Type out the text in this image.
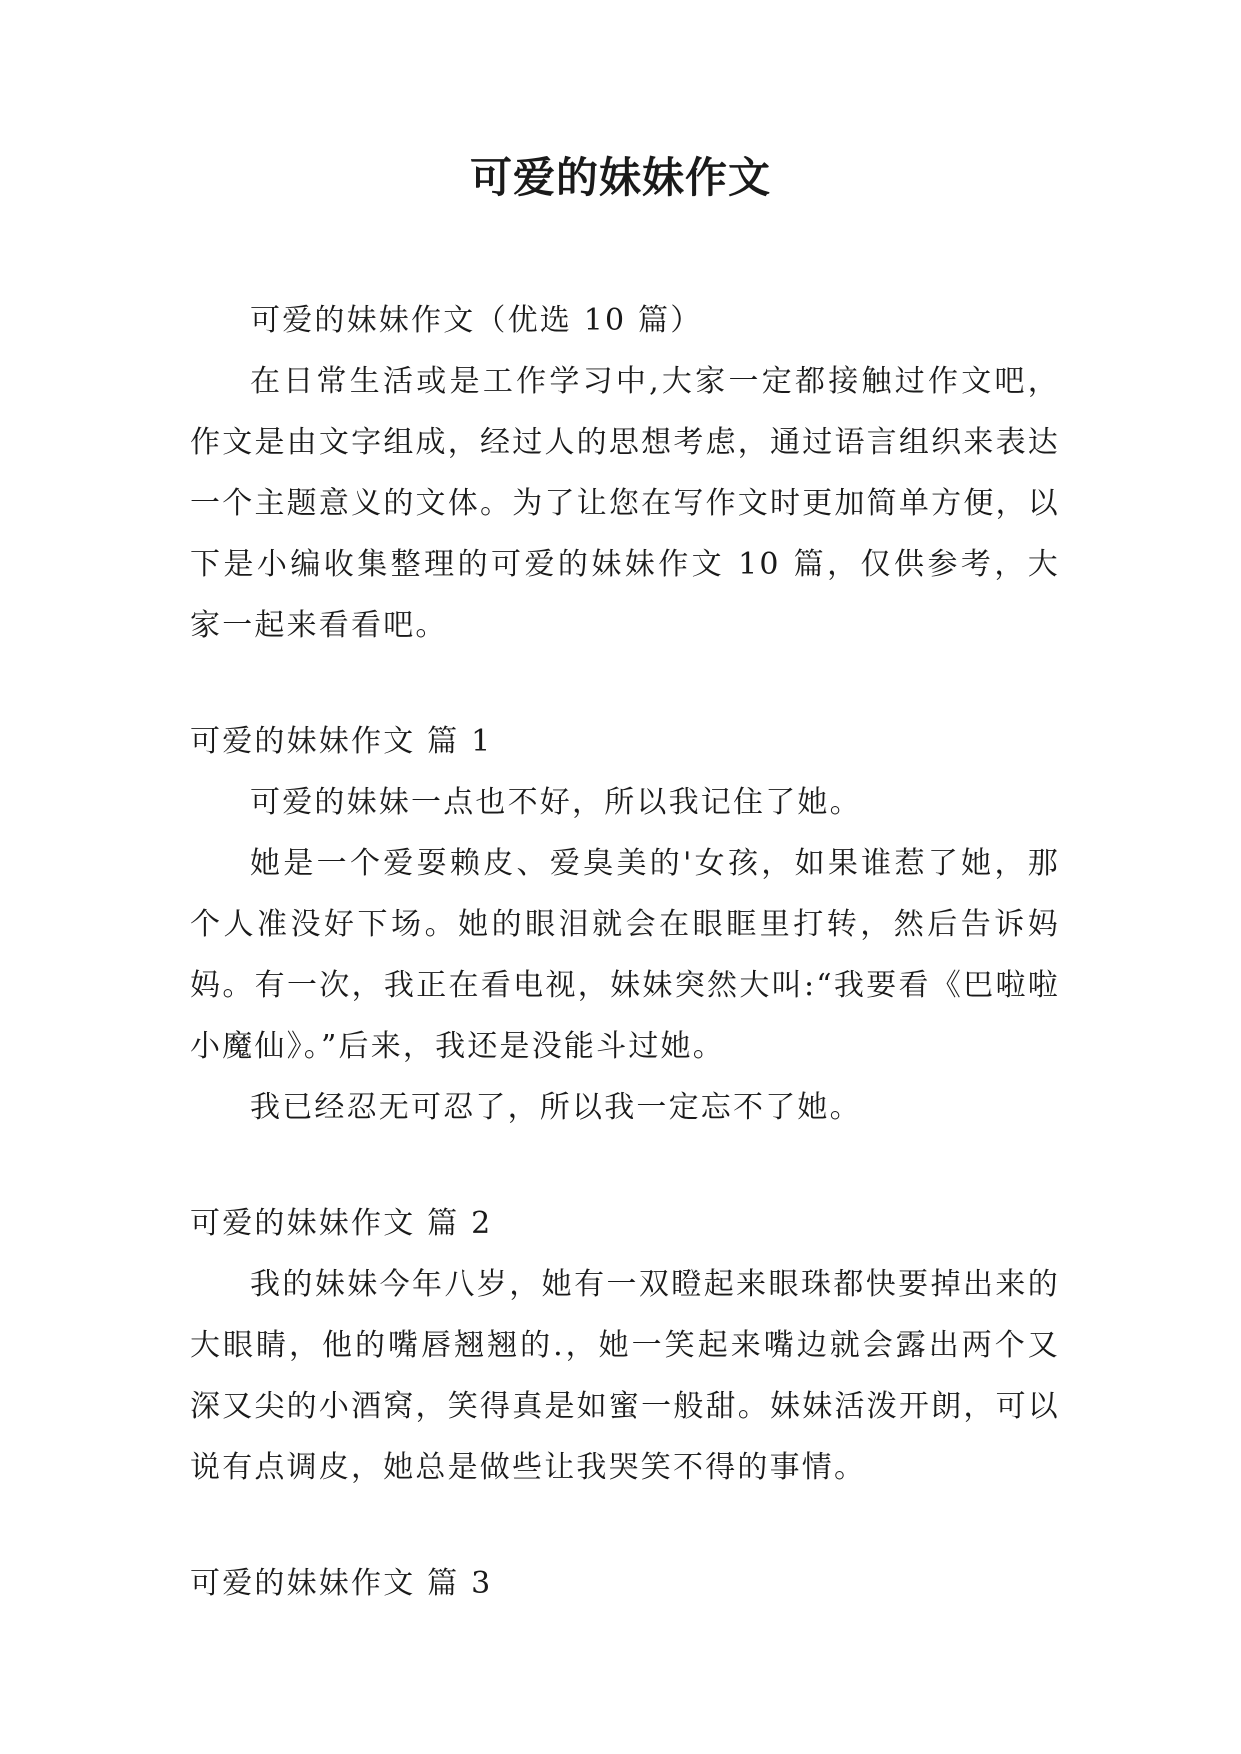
可爱的妹妹作文

可爱的妹妹作文（优选 10 篇）

在日常生活或是工作学习中,大家一定都接触过作文吧，作文是由文字组成，经过人的思想考虑，通过语言组织来表达一个主题意义的文体。为了让您在写作文时更加简单方便，以下是小编收集整理的可爱的妹妹作文 10 篇，仅供参考，大家一起来看看吧。

可爱的妹妹作文 篇 1

可爱的妹妹一点也不好，所以我记住了她。

她是一个爱耍赖皮、爱臭美的'女孩，如果谁惹了她，那个人准没好下场。她的眼泪就会在眼眶里打转，然后告诉妈妈。有一次，我正在看电视，妹妹突然大叫:“我要看《巴啦啦小魔仙》。”后来，我还是没能斗过她。

我已经忍无可忍了，所以我一定忘不了她。

可爱的妹妹作文 篇 2

我的妹妹今年八岁，她有一双瞪起来眼珠都快要掉出来的大眼睛，他的嘴唇翘翘的.，她一笑起来嘴边就会露出两个又深又尖的小酒窝，笑得真是如蜜一般甜。妹妹活泼开朗，可以说有点调皮，她总是做些让我哭笑不得的事情。

可爱的妹妹作文 篇 3
